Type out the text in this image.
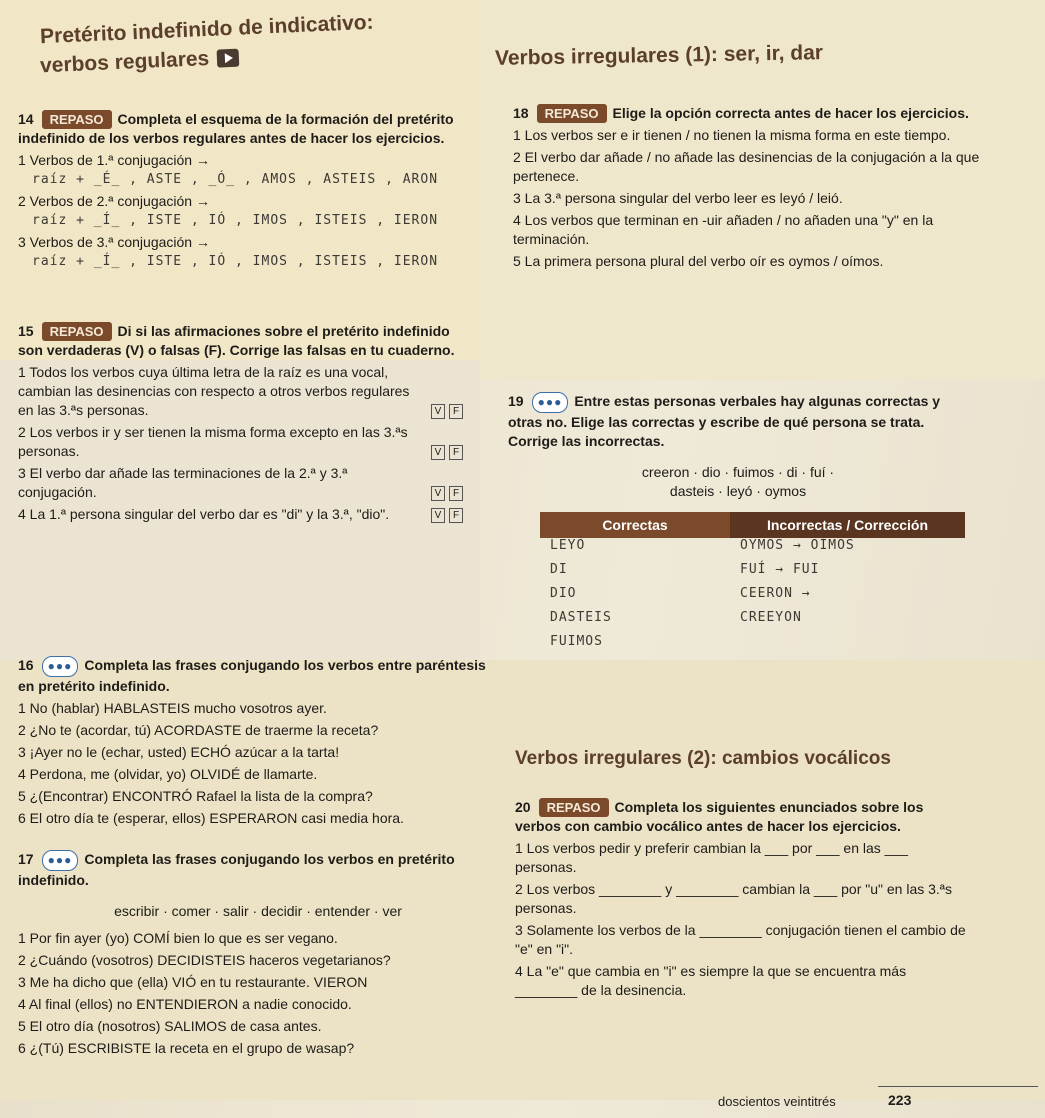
Pretérito indefinido de indicativo:
verbos regulares	Verbos irregulares (1): ser, ir, dar
14 REPASO Completa el esquema de la formación del pretérito indefinido de los verbos regulares antes de hacer los ejercicios.
1 Verbos de 1.ª conjugación →
raíz + _É_ , ASTE , _Ó_ , AMOS , ASTEIS , ARON
2 Verbos de 2.ª conjugación →
raíz + _Í_ , ISTE , IÓ , IMOS , ISTEIS , IERON
3 Verbos de 3.ª conjugación →
raíz + _Í_ , ISTE , IÓ , IMOS , ISTEIS , IERON
15 REPASO Di si las afirmaciones sobre el pretérito indefinido son verdaderas (V) o falsas (F). Corrige las falsas en tu cuaderno.
1 Todos los verbos cuya última letra de la raíz es una vocal, cambian las desinencias con respecto a otros verbos regulares en las 3.ªs personas.	V F
2 Los verbos ir y ser tienen la misma forma excepto en las 3.ªs personas.	V F
3 El verbo dar añade las terminaciones de la 2.ª y 3.ª conjugación.	V F
4 La 1.ª persona singular del verbo dar es "di" y la 3.ª, "dio".	V F
16 ●●● Completa las frases conjugando los verbos entre paréntesis en pretérito indefinido.
1 No (hablar) HABLASTEIS mucho vosotros ayer.
2 ¿No te (acordar, tú) ACORDASTE de traerme la receta?
3 ¡Ayer no le (echar, usted) ECHÓ azúcar a la tarta!
4 Perdona, me (olvidar, yo) OLVIDÉ de llamarte.
5 ¿(Encontrar) ENCONTRÓ Rafael la lista de la compra?
6 El otro día te (esperar, ellos) ESPERARON casi media hora.
17 ●●● Completa las frases conjugando los verbos en pretérito indefinido.
escribir · comer · salir · decidir · entender · ver
1 Por fin ayer (yo) COMÍ bien lo que es ser vegano.
2 ¿Cuándo (vosotros) DECIDISTEIS haceros vegetarianos?
3 Me ha dicho que (ella) VIÓ en tu restaurante. VIERON
4 Al final (ellos) no ENTENDIERON a nadie conocido.
5 El otro día (nosotros) SALIMOS de casa antes.
6 ¿(Tú) ESCRIBISTE la receta en el grupo de wasap?
18 REPASO Elige la opción correcta antes de hacer los ejercicios.
1 Los verbos ser e ir tienen / no tienen la misma forma en este tiempo.
2 El verbo dar añade / no añade las desinencias de la conjugación a la que pertenece.
3 La 3.ª persona singular del verbo leer es leyó / leió.
4 Los verbos que terminan en -uir añaden / no añaden una "y" en la terminación.
5 La primera persona plural del verbo oír es oymos / oímos.
19 ●●● Entre estas personas verbales hay algunas correctas y otras no. Elige las correctas y escribe de qué persona se trata. Corrige las incorrectas.
creeron · dio · fuimos · di · fuí ·
dasteis · leyó · oymos
Correctas	Incorrectas / Corrección
LEYÓ	OYMOS → OÍMOS
DI	FUÍ → FUI
DIO	CEERON →
DASTEIS	CREEYON
FUIMOS
Verbos irregulares (2): cambios vocálicos
20 REPASO Completa los siguientes enunciados sobre los verbos con cambio vocálico antes de hacer los ejercicios.
1 Los verbos pedir y preferir cambian la ___ por ___ en las ___ personas.
2 Los verbos ________ y ________ cambian la ___ por "u" en las 3.ªs personas.
3 Solamente los verbos de la ________ conjugación tienen el cambio de "e" en "i".
4 La "e" que cambia en "i" es siempre la que se encuentra más ________ de la desinencia.
doscientos veintitrés	223
